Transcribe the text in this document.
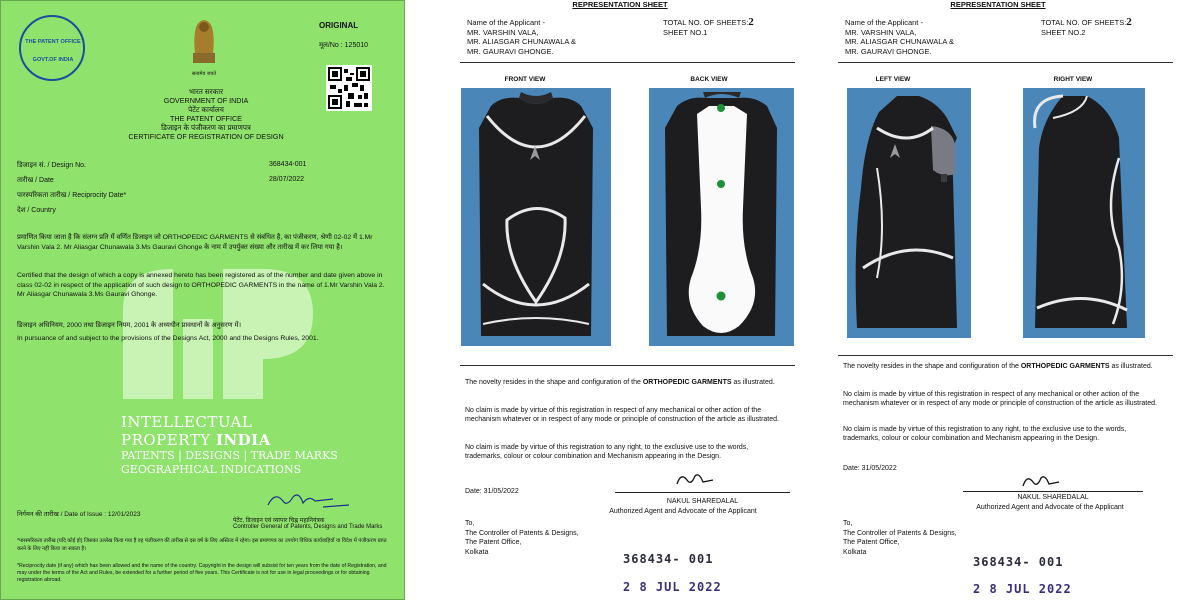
THE PATENT OFFICE
GOVT.OF INDIA
सत्यमेव जयते
ORIGINAL
मूल/No : 125010
भारत सरकार
GOVERNMENT OF INDIA
पेटेंट कार्यालय
THE PATENT OFFICE
डिजाइन के पंजीकरण का प्रमाणपत्र
CERTIFICATE OF REGISTRATION OF DESIGN
डिजाइन सं. / Design No.	368434-001
तारीख / Date	28/07/2022
पारस्परिकता तारीख / Reciprocity Date*
देश / Country
प्रमाणित किया जाता है कि संलग्न प्रति में वर्णित डिजाइन जो ORTHOPEDIC GARMENTS से संबंधित है, का पंजीकरण, श्रेणी 02-02 में 1.Mr Varshin Vala 2. Mr Aliasgar Chunawala 3.Ms Gauravi Ghonge के नाम में उपर्युक्त संख्या और तारीख में कर लिया गया है।
Certified that the design of which a copy is annexed hereto has been registered as of the number and date given above in class 02-02 in respect of the application of such design to ORTHOPEDIC GARMENTS in the name of 1.Mr Varshin Vala 2. Mr Aliasgar Chunawala 3.Ms Gauravi Ghonge.
डिजाइन अधिनियम, 2000 तथा डिजाइन नियम, 2001 के अध्यधीन प्रावधानों के अनुसरण में।
In pursuance of and subject to the provisions of the Designs Act, 2000 and the Designs Rules, 2001.
INTELLECTUAL
PROPERTY INDIA
PATENTS | DESIGNS | TRADE MARKS
GEOGRAPHICAL INDICATIONS
निर्गमन की तारीख / Date of Issue : 12/01/2023
पेटेंट, डिजाइन एवं व्यापार चिह्न महानियंत्रक
Controller General of Patents, Designs and Trade Marks
*पारस्परिकता तारीख (यदि कोई हो) जिसका उल्लेख किया गया है वह पंजीकरण की तारीख से दस वर्ष के लिए अस्तित्व में रहेगा। इस प्रमाणपत्र का उपयोग विधिक कार्यवाहियों या विदेश में पंजीकरण प्राप्त करने के लिए नहीं किया जा सकता है।
*Reciprocity date (if any) which has been allowed and the name of the country. Copyright in the design will subsist for ten years from the date of Registration, and may under the terms of the Act and Rules, be extended for a further period of five years. This Certificate is not for use in legal proceedings or for obtaining registration abroad.
REPRESENTATION SHEET
Name of the Applicant -
MR. VARSHIN VALA,
MR. ALIASGAR CHUNAWALA &
MR. GAURAVI GHONGE.
TOTAL NO. OF SHEETS:2
SHEET NO.1
FRONT VIEW	BACK VIEW
The novelty resides in the shape and configuration of the ORTHOPEDIC GARMENTS as illustrated.
No claim is made by virtue of this registration in respect of any mechanical or other action of the mechanism whatever or in respect of any mode or principle of construction of the article as illustrated.
No claim is made by virtue of this registration to any right, to the exclusive use to the words, trademarks, colour or colour combination and Mechanism appearing in the Design.
Date: 31/05/2022
NAKUL SHAREDALAL
Authorized Agent and Advocate of the Applicant
To,
The Controller of Patents & Designs,
The Patent Office,
Kolkata	368434- 001
2 8 JUL 2022
REPRESENTATION SHEET
Name of the Applicant -
MR. VARSHIN VALA,
MR. ALIASGAR CHUNAWALA &
MR. GAURAVI GHONGE.
TOTAL NO. OF SHEETS:2
SHEET NO.2
LEFT VIEW	RIGHT VIEW
The novelty resides in the shape and configuration of the ORTHOPEDIC GARMENTS as illustrated.
No claim is made by virtue of this registration in respect of any mechanical or other action of the mechanism whatever or in respect of any mode or principle of construction of the article as illustrated.
No claim is made by virtue of this registration to any right, to the exclusive use to the words, trademarks, colour or colour combination and Mechanism appearing in the Design.
Date: 31/05/2022
NAKUL SHAREDALAL
Authorized Agent and Advocate of the Applicant
To,
The Controller of Patents & Designs,
The Patent Office,
Kolkata
368434- 001
2 8 JUL 2022
